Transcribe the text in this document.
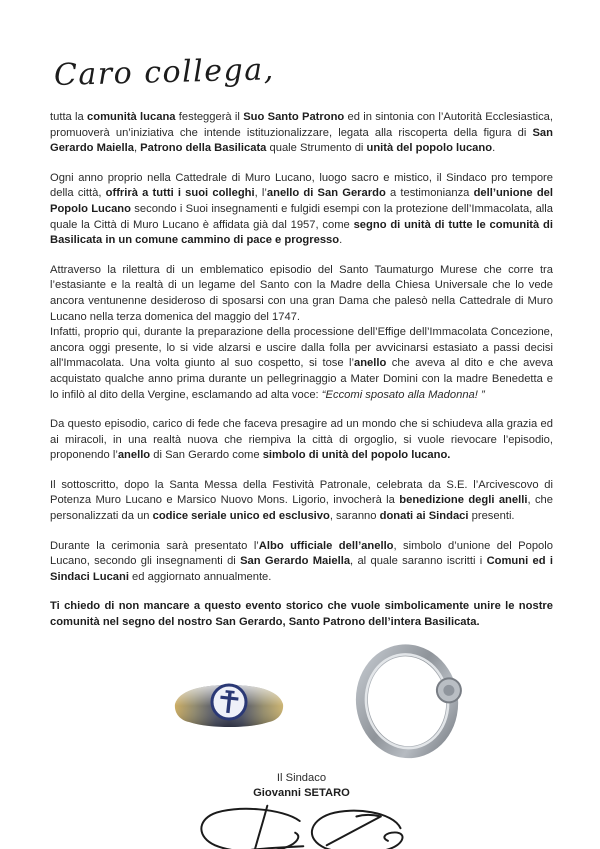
Caro collega,

tutta la comunità lucana festeggerà il Suo Santo Patrono ed in sintonia con l’Autorità Ecclesiastica, promuoverà un’iniziativa che intende istituzionalizzare, legata alla riscoperta della figura di San Gerardo Maiella, Patrono della Basilicata quale Strumento di unità del popolo lucano.

Ogni anno proprio nella Cattedrale di Muro Lucano, luogo sacro e mistico, il Sindaco pro tempore della città, offrirà a tutti i suoi colleghi, l’anello di San Gerardo a testimonianza dell’unione del Popolo Lucano secondo i Suoi insegnamenti e fulgidi esempi con la protezione dell’Immacolata, alla quale la Città di Muro Lucano è affidata già dal 1957, come segno di unità di tutte le comunità di Basilicata in un comune cammino di pace e progresso.

Attraverso la rilettura di un emblematico episodio del Santo Taumaturgo Murese che corre tra l’estasiante e la realtà di un legame del Santo con la Madre della Chiesa Universale che lo vede ancora ventunenne desideroso di sposarsi con una gran Dama che palesò nella Cattedrale di Muro Lucano nella terza domenica del maggio del 1747.
Infatti, proprio qui, durante la preparazione della processione dell’Effige dell’Immacolata Concezione, ancora oggi presente, lo si vide alzarsi e uscire dalla folla per avvicinarsi estasiato a passi decisi all'Immacolata. Una volta giunto al suo cospetto, si tose l’anello che aveva al dito e che aveva acquistato qualche anno prima durante un pellegrinaggio a Mater Domini con la madre Benedetta e lo infilò al dito della Vergine, esclamando ad alta voce: “Eccomi sposato alla Madonna! ”

Da questo episodio, carico di fede che faceva presagire ad un mondo che si schiudeva alla grazia ed ai miracoli, in una realtà nuova che riempiva la città di orgoglio, si vuole rievocare l’episodio, proponendo l’anello di San Gerardo come simbolo di unità del popolo lucano.

Il sottoscritto, dopo la Santa Messa della Festività Patronale, celebrata da S.E. l’Arcivescovo di Potenza Muro Lucano e Marsico Nuovo Mons. Ligorio, invocherà la benedizione degli anelli, che personalizzati da un codice seriale unico ed esclusivo, saranno donati ai Sindaci presenti.

Durante la cerimonia sarà presentato l’Albo ufficiale dell’anello, simbolo d’unione del Popolo Lucano, secondo gli insegnamenti di San Gerardo Maiella, al quale saranno iscritti i Comuni ed i Sindaci Lucani ed aggiornato annualmente.

Ti chiedo di non mancare a questo evento storico che vuole simbolicamente unire le nostre comunità nel segno del nostro San Gerardo, Santo Patrono dell’intera Basilicata.

Il Sindaco
Giovanni SETARO
